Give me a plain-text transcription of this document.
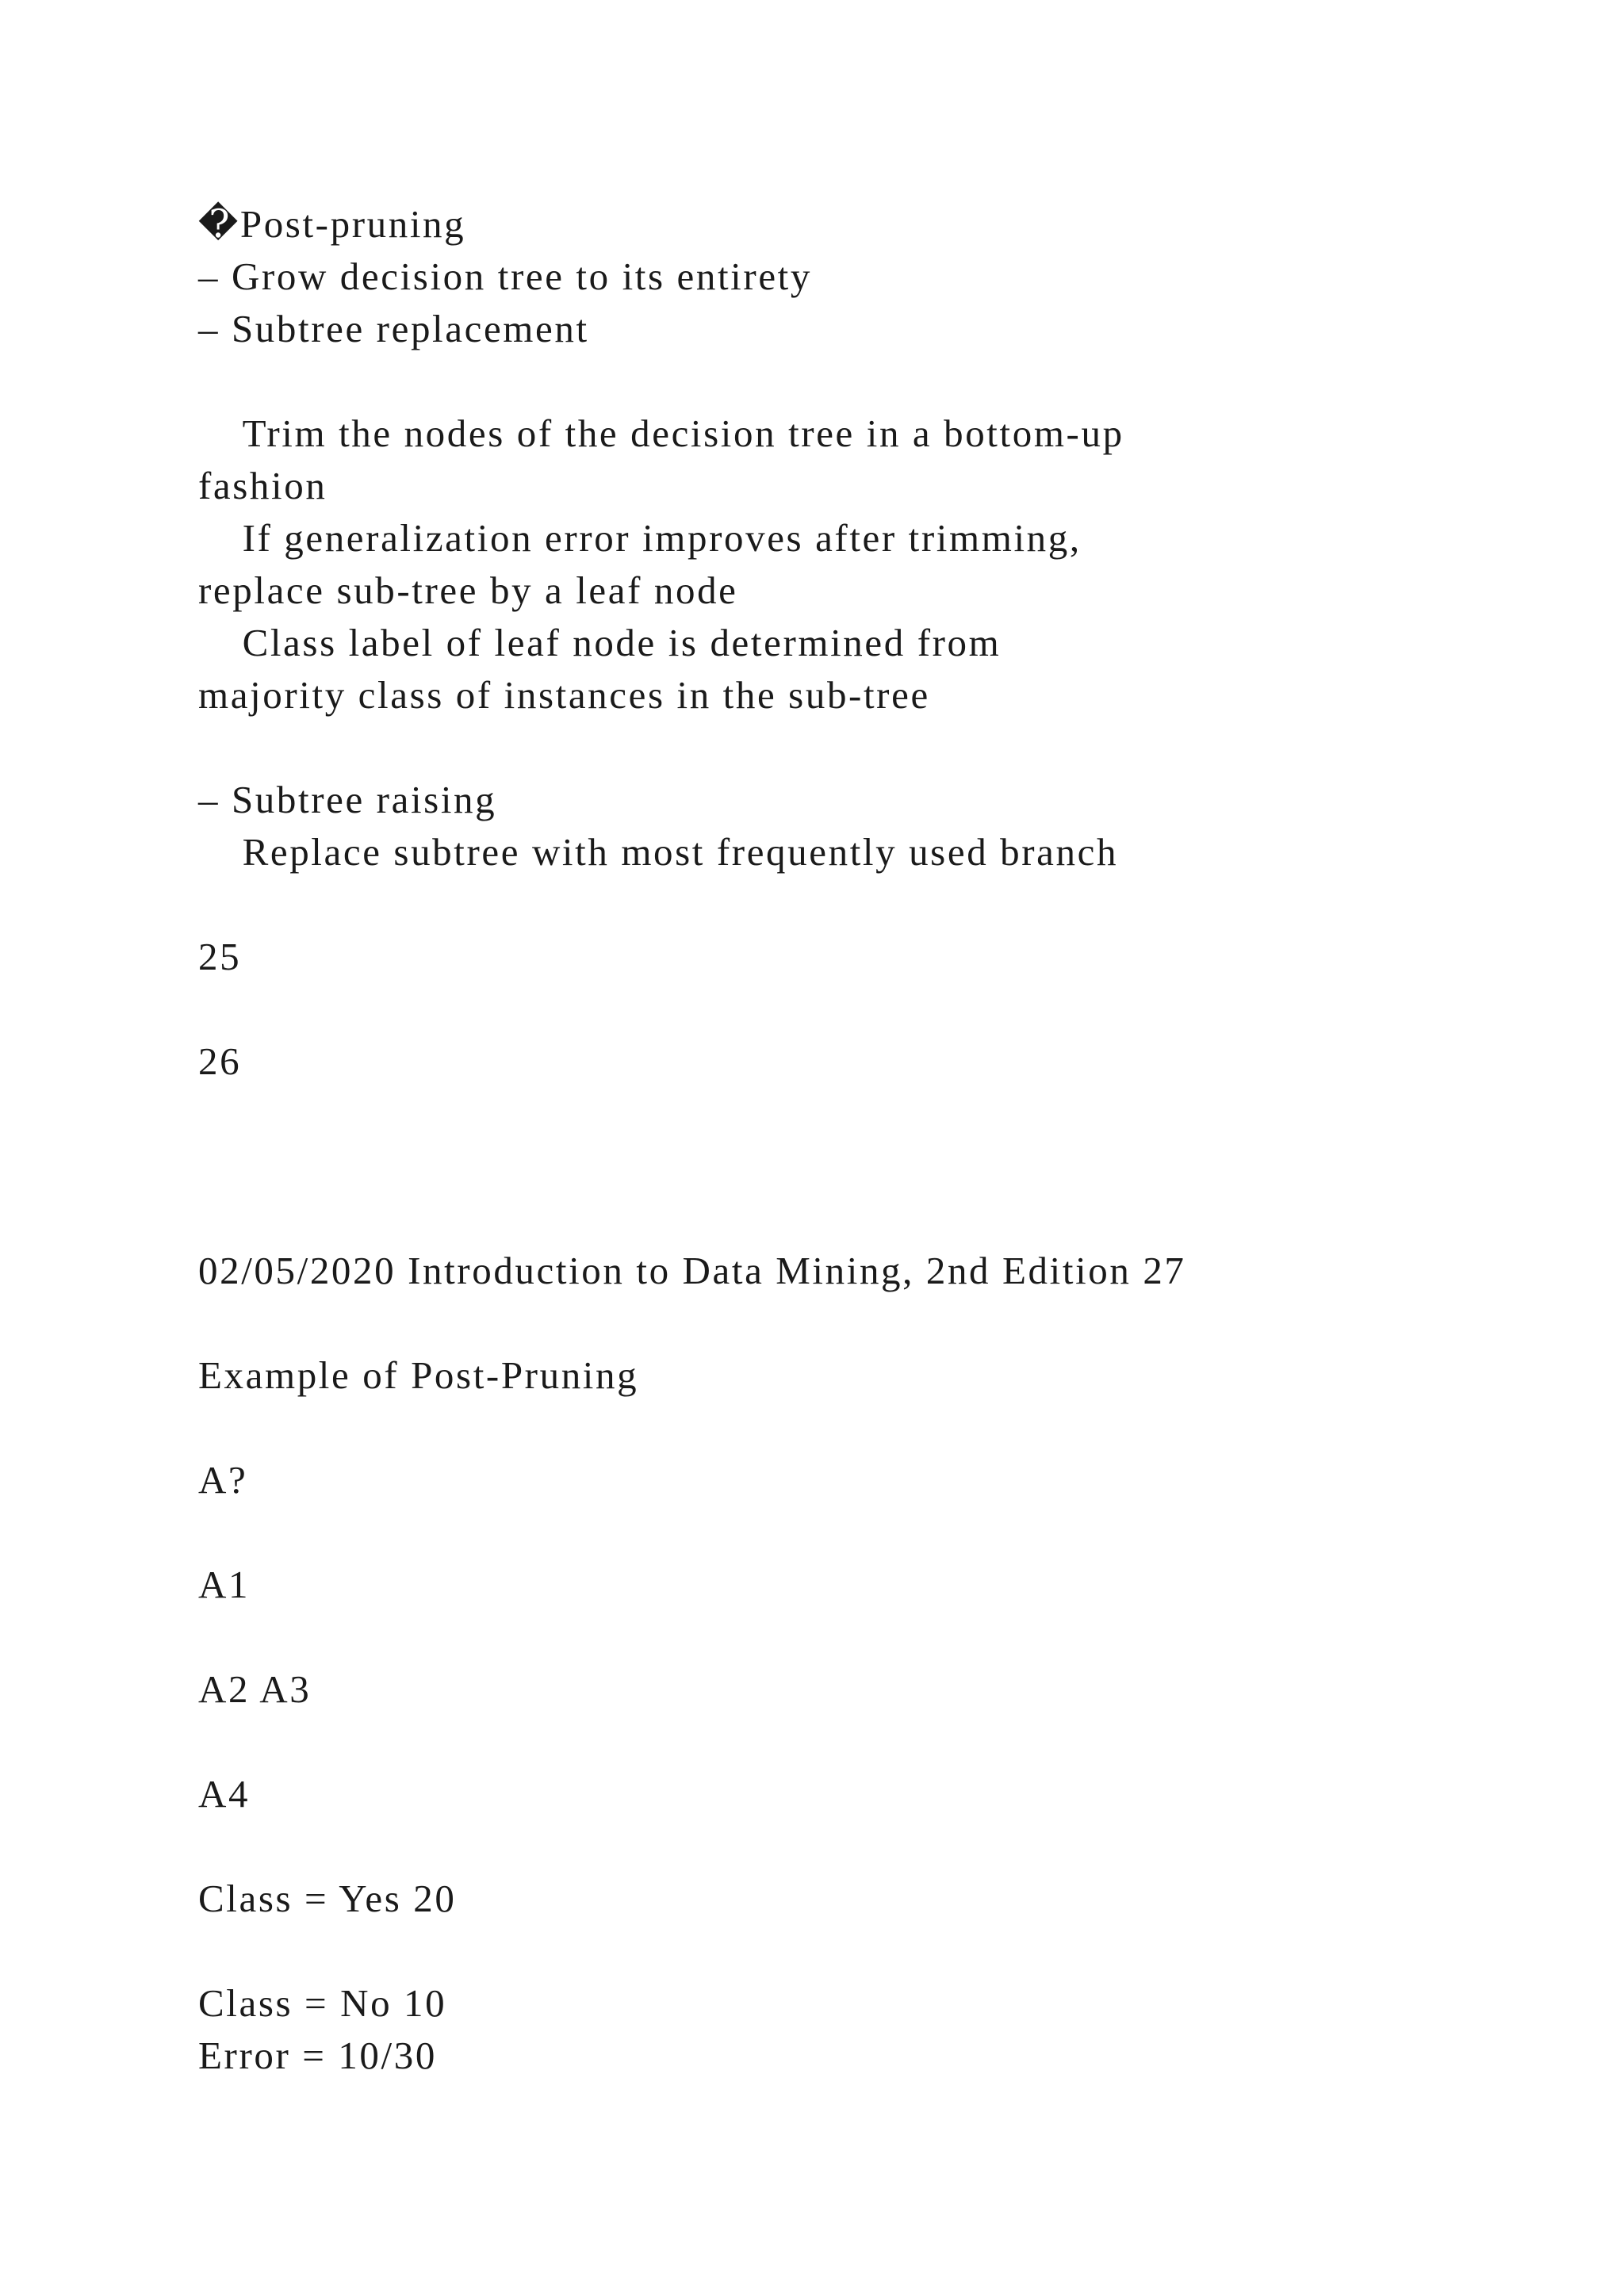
�Post-pruning

– Grow decision tree to its entirety

– Subtree replacement

Trim the nodes of the decision tree in a bottom-up

fashion

If generalization error improves after trimming,

replace sub-tree by a leaf node

Class label of leaf node is determined from

majority class of instances in the sub-tree

– Subtree raising

Replace subtree with most frequently used branch

25

26

02/05/2020 Introduction to Data Mining, 2nd Edition 27

Example of Post-Pruning

A?

A1

A2 A3

A4

Class = Yes 20

Class = No 10

Error = 10/30
